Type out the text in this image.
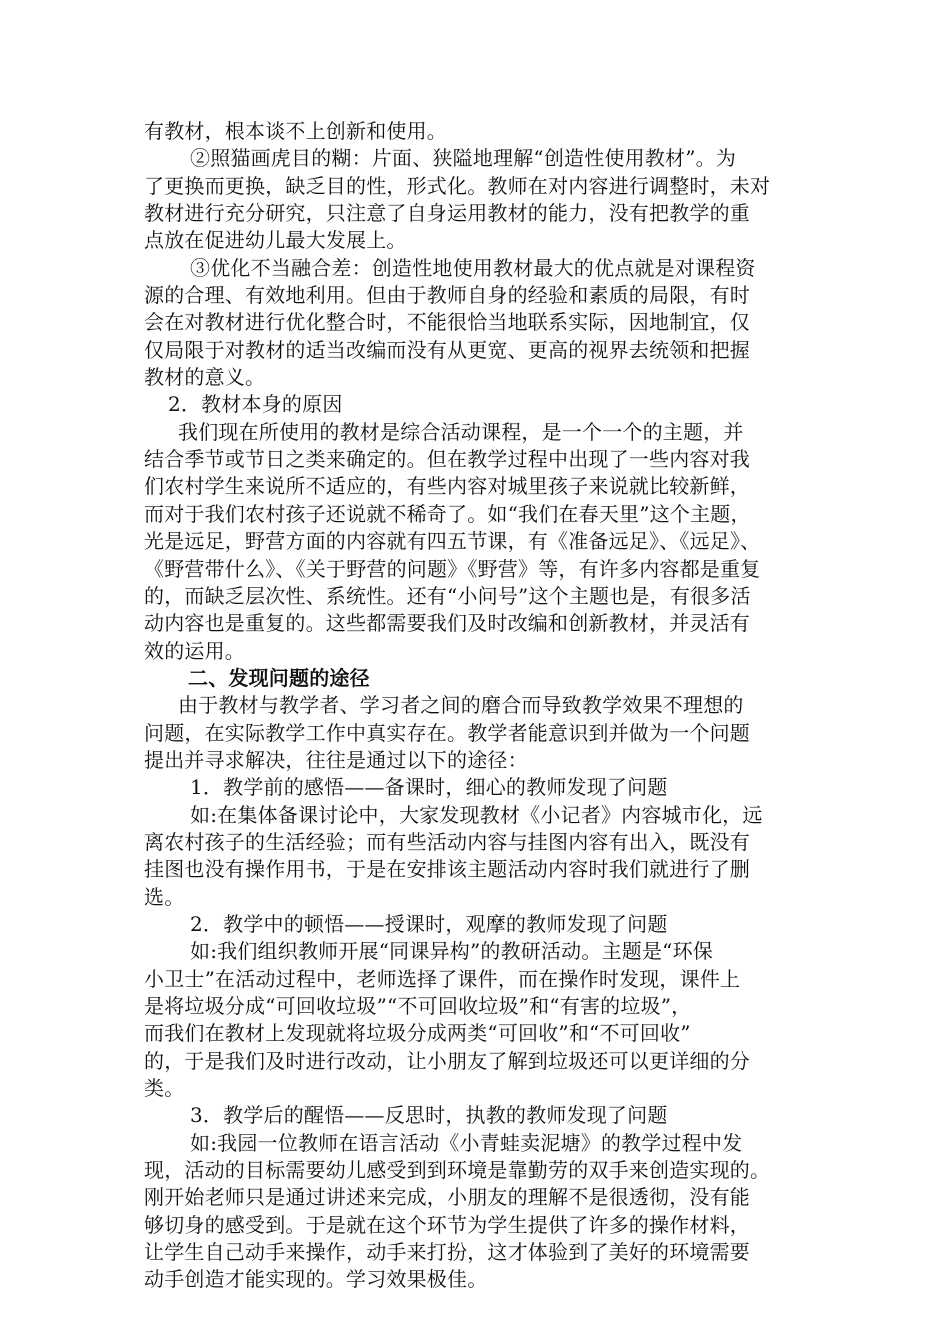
有教材，根本谈不上创新和使用。
②照猫画虎目的糊：片面、狭隘地理解“创造性使用教材”。为
了更换而更换，缺乏目的性，形式化。教师在对内容进行调整时，未对
教材进行充分研究，只注意了自身运用教材的能力，没有把教学的重
点放在促进幼儿最大发展上。
③优化不当融合差：创造性地使用教材最大的优点就是对课程资
源的合理、有效地利用。但由于教师自身的经验和素质的局限，有时
会在对教材进行优化整合时，不能很恰当地联系实际，因地制宜，仅
仅局限于对教材的适当改编而没有从更宽、更高的视界去统领和把握
教材的意义。
2．教材本身的原因
我们现在所使用的教材是综合活动课程，是一个一个的主题，并
结合季节或节日之类来确定的。但在教学过程中出现了一些内容对我
们农村学生来说所不适应的，有些内容对城里孩子来说就比较新鲜，
而对于我们农村孩子还说就不稀奇了。如“我们在春天里”这个主题，
光是远足，野营方面的内容就有四五节课，有《准备远足》、《远足》、
《野营带什么》、《关于野营的问题》《野营》等，有许多内容都是重复
的，而缺乏层次性、系统性。还有“小问号”这个主题也是，有很多活
动内容也是重复的。这些都需要我们及时改编和创新教材，并灵活有
效的运用。
二、发现问题的途径
由于教材与教学者、学习者之间的磨合而导致教学效果不理想的
问题，在实际教学工作中真实存在。教学者能意识到并做为一个问题
提出并寻求解决，往往是通过以下的途径：
1．教学前的感悟——备课时，细心的教师发现了问题
如:在集体备课讨论中，大家发现教材《小记者》内容城市化，远
离农村孩子的生活经验；而有些活动内容与挂图内容有出入，既没有
挂图也没有操作用书，于是在安排该主题活动内容时我们就进行了删
选。
2．教学中的顿悟——授课时，观摩的教师发现了问题
如:我们组织教师开展“同课异构”的教研活动。主题是“环保
小卫士”在活动过程中，老师选择了课件，而在操作时发现，课件上
是将垃圾分成“可回收垃圾”“不可回收垃圾”和“有害的垃圾”，
而我们在教材上发现就将垃圾分成两类“可回收”和“不可回收”
的，于是我们及时进行改动，让小朋友了解到垃圾还可以更详细的分
类。
3．教学后的醒悟——反思时，执教的教师发现了问题
如:我园一位教师在语言活动《小青蛙卖泥塘》的教学过程中发
现，活动的目标需要幼儿感受到到环境是靠勤劳的双手来创造实现的。
刚开始老师只是通过讲述来完成，小朋友的理解不是很透彻，没有能
够切身的感受到。于是就在这个环节为学生提供了许多的操作材料，
让学生自己动手来操作，动手来打扮，这才体验到了美好的环境需要
动手创造才能实现的。学习效果极佳。
